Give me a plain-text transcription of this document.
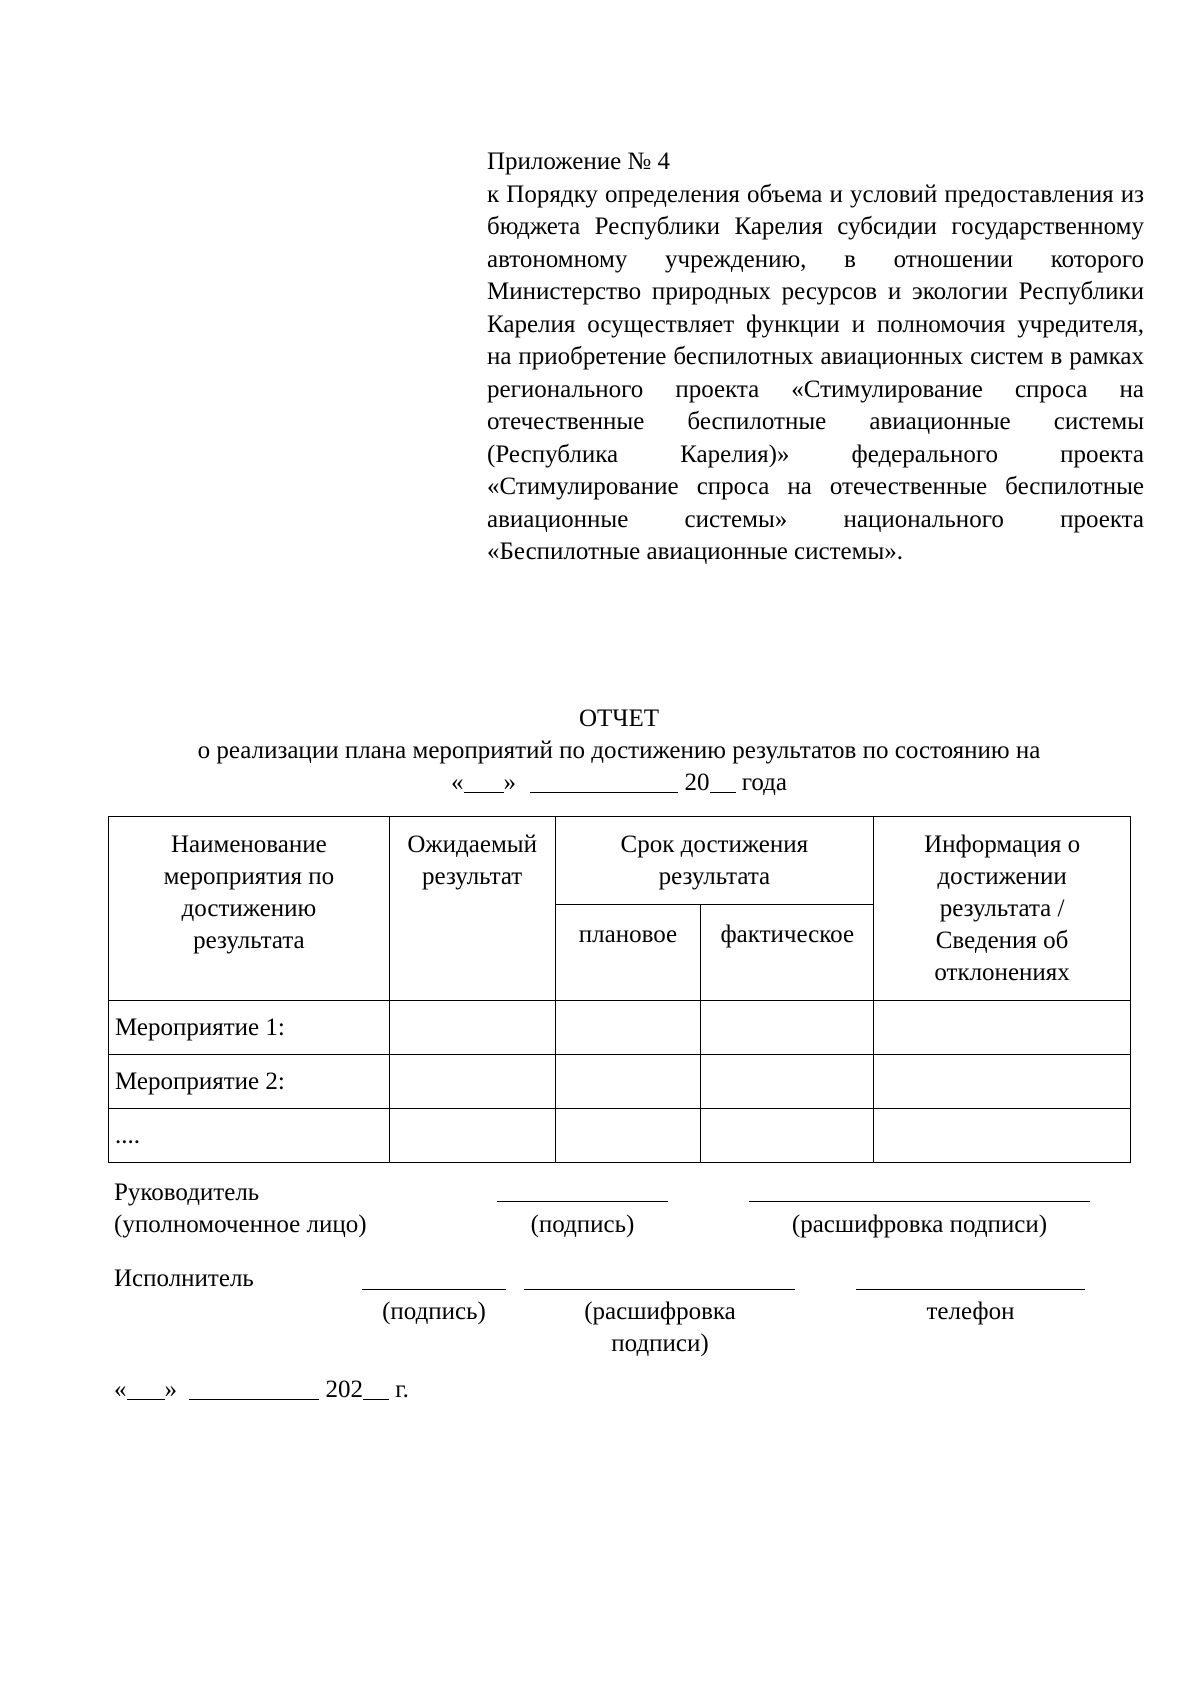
Приложение № 4
к Порядку определения объема и условий предоставления из бюджета Республики Карелия субсидии государственному автономному учреждению, в отношении которого Министерство природных ресурсов и экологии Республики Карелия осуществляет функции и полномочия учредителя, на приобретение беспилотных авиационных систем в рамках регионального проекта «Стимулирование спроса на отечественные беспилотные авиационные системы (Республика Карелия)» федерального проекта «Стимулирование спроса на отечественные беспилотные авиационные системы» национального проекта «Беспилотные авиационные системы».
ОТЧЕТ
о реализации плана мероприятий по достижению результатов по состоянию на
« »	20 года
Наименование мероприятия по достижению результата	Ожидаемый результат	Срок достижения результата		Информация о достижении результата / Сведения об отклонениях
		плановое	фактическое	
Мероприятие 1:				
Мероприятие 2:				
....				
Руководитель
(уполномоченное лицо)	(подпись)	(расшифровка подписи)
Исполнитель
(подпись)	(расшифровка подписи)
телефон
« »	202 г.
